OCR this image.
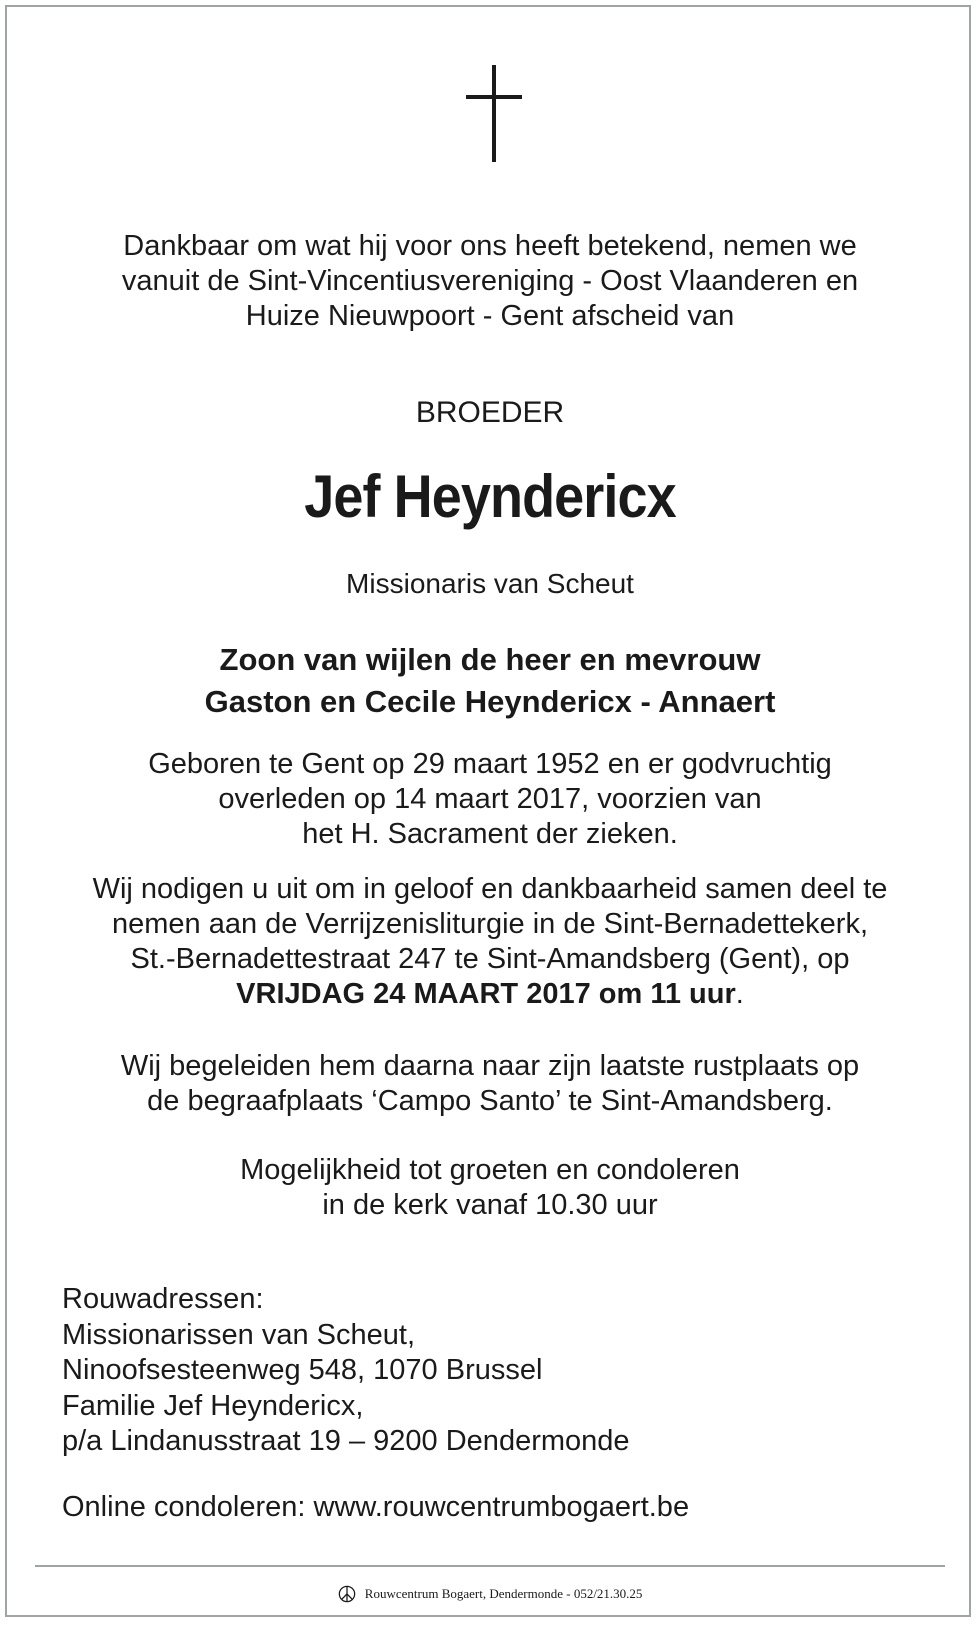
Dankbaar om wat hij voor ons heeft betekend, nemen we
vanuit de Sint-Vincentiusvereniging - Oost Vlaanderen en
Huize Nieuwpoort - Gent afscheid van
BROEDER
Jef Heyndericx
Missionaris van Scheut
Zoon van wijlen de heer en mevrouw
Gaston en Cecile Heyndericx - Annaert
Geboren te Gent op 29 maart 1952 en er godvruchtig
overleden op 14 maart 2017, voorzien van
het H. Sacrament der zieken.
Wij nodigen u uit om in geloof en dankbaarheid samen deel te
nemen aan de Verrijzenisliturgie in de Sint-Bernadettekerk,
St.-Bernadettestraat 247 te Sint-Amandsberg (Gent), op
VRIJDAG 24 MAART 2017 om 11 uur.
Wij begeleiden hem daarna naar zijn laatste rustplaats op
de begraafplaats ‘Campo Santo’ te Sint-Amandsberg.
Mogelijkheid tot groeten en condoleren
in de kerk vanaf 10.30 uur
Rouwadressen:
Missionarissen van Scheut,
Ninoofsesteenweg 548, 1070 Brussel
Familie Jef Heyndericx,
p/a Lindanusstraat 19 – 9200 Dendermonde
Online condoleren: www.rouwcentrumbogaert.be
Rouwcentrum Bogaert, Dendermonde - 052/21.30.25
